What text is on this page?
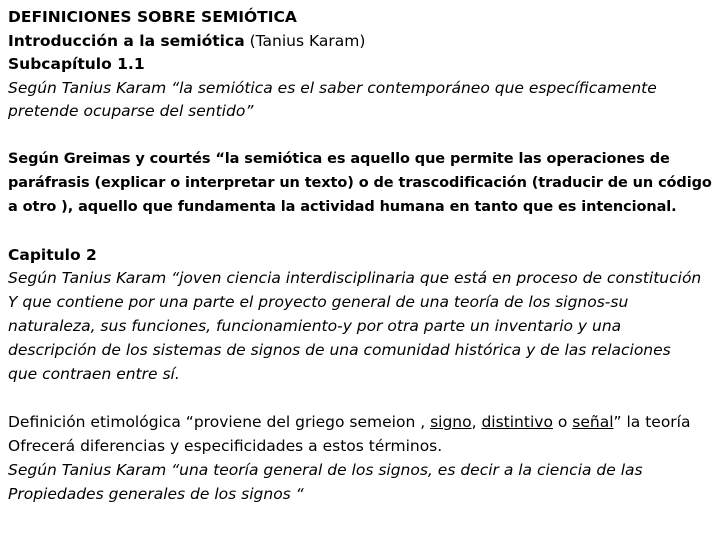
DEFINICIONES SOBRE SEMIÓTICA
Introducción a la semiótica (Tanius Karam)
Subcapítulo 1.1
Según Tanius Karam “la semiótica es el saber contemporáneo que específicamente
pretende ocuparse del sentido”
Según Greimas y courtés “la semiótica es aquello que permite las operaciones de
paráfrasis (explicar o interpretar un texto) o de trascodificación (traducir de un código
a otro ), aquello que fundamenta la actividad humana en tanto que es intencional.
Capitulo 2
Según Tanius Karam “joven ciencia interdisciplinaria que está en proceso de constitución
Y que contiene por una parte el proyecto general de una teoría de los signos-su
naturaleza, sus funciones, funcionamiento-y por otra parte un inventario y una
descripción de los sistemas de signos de una comunidad histórica y de las relaciones
que contraen entre sí.
Definición etimológica “proviene del griego semeion , signo, distintivo o señal” la teoría
Ofrecerá diferencias y especificidades a estos términos.
Según Tanius Karam “una teoría general de los signos, es decir a la ciencia de las
Propiedades generales de los signos “
